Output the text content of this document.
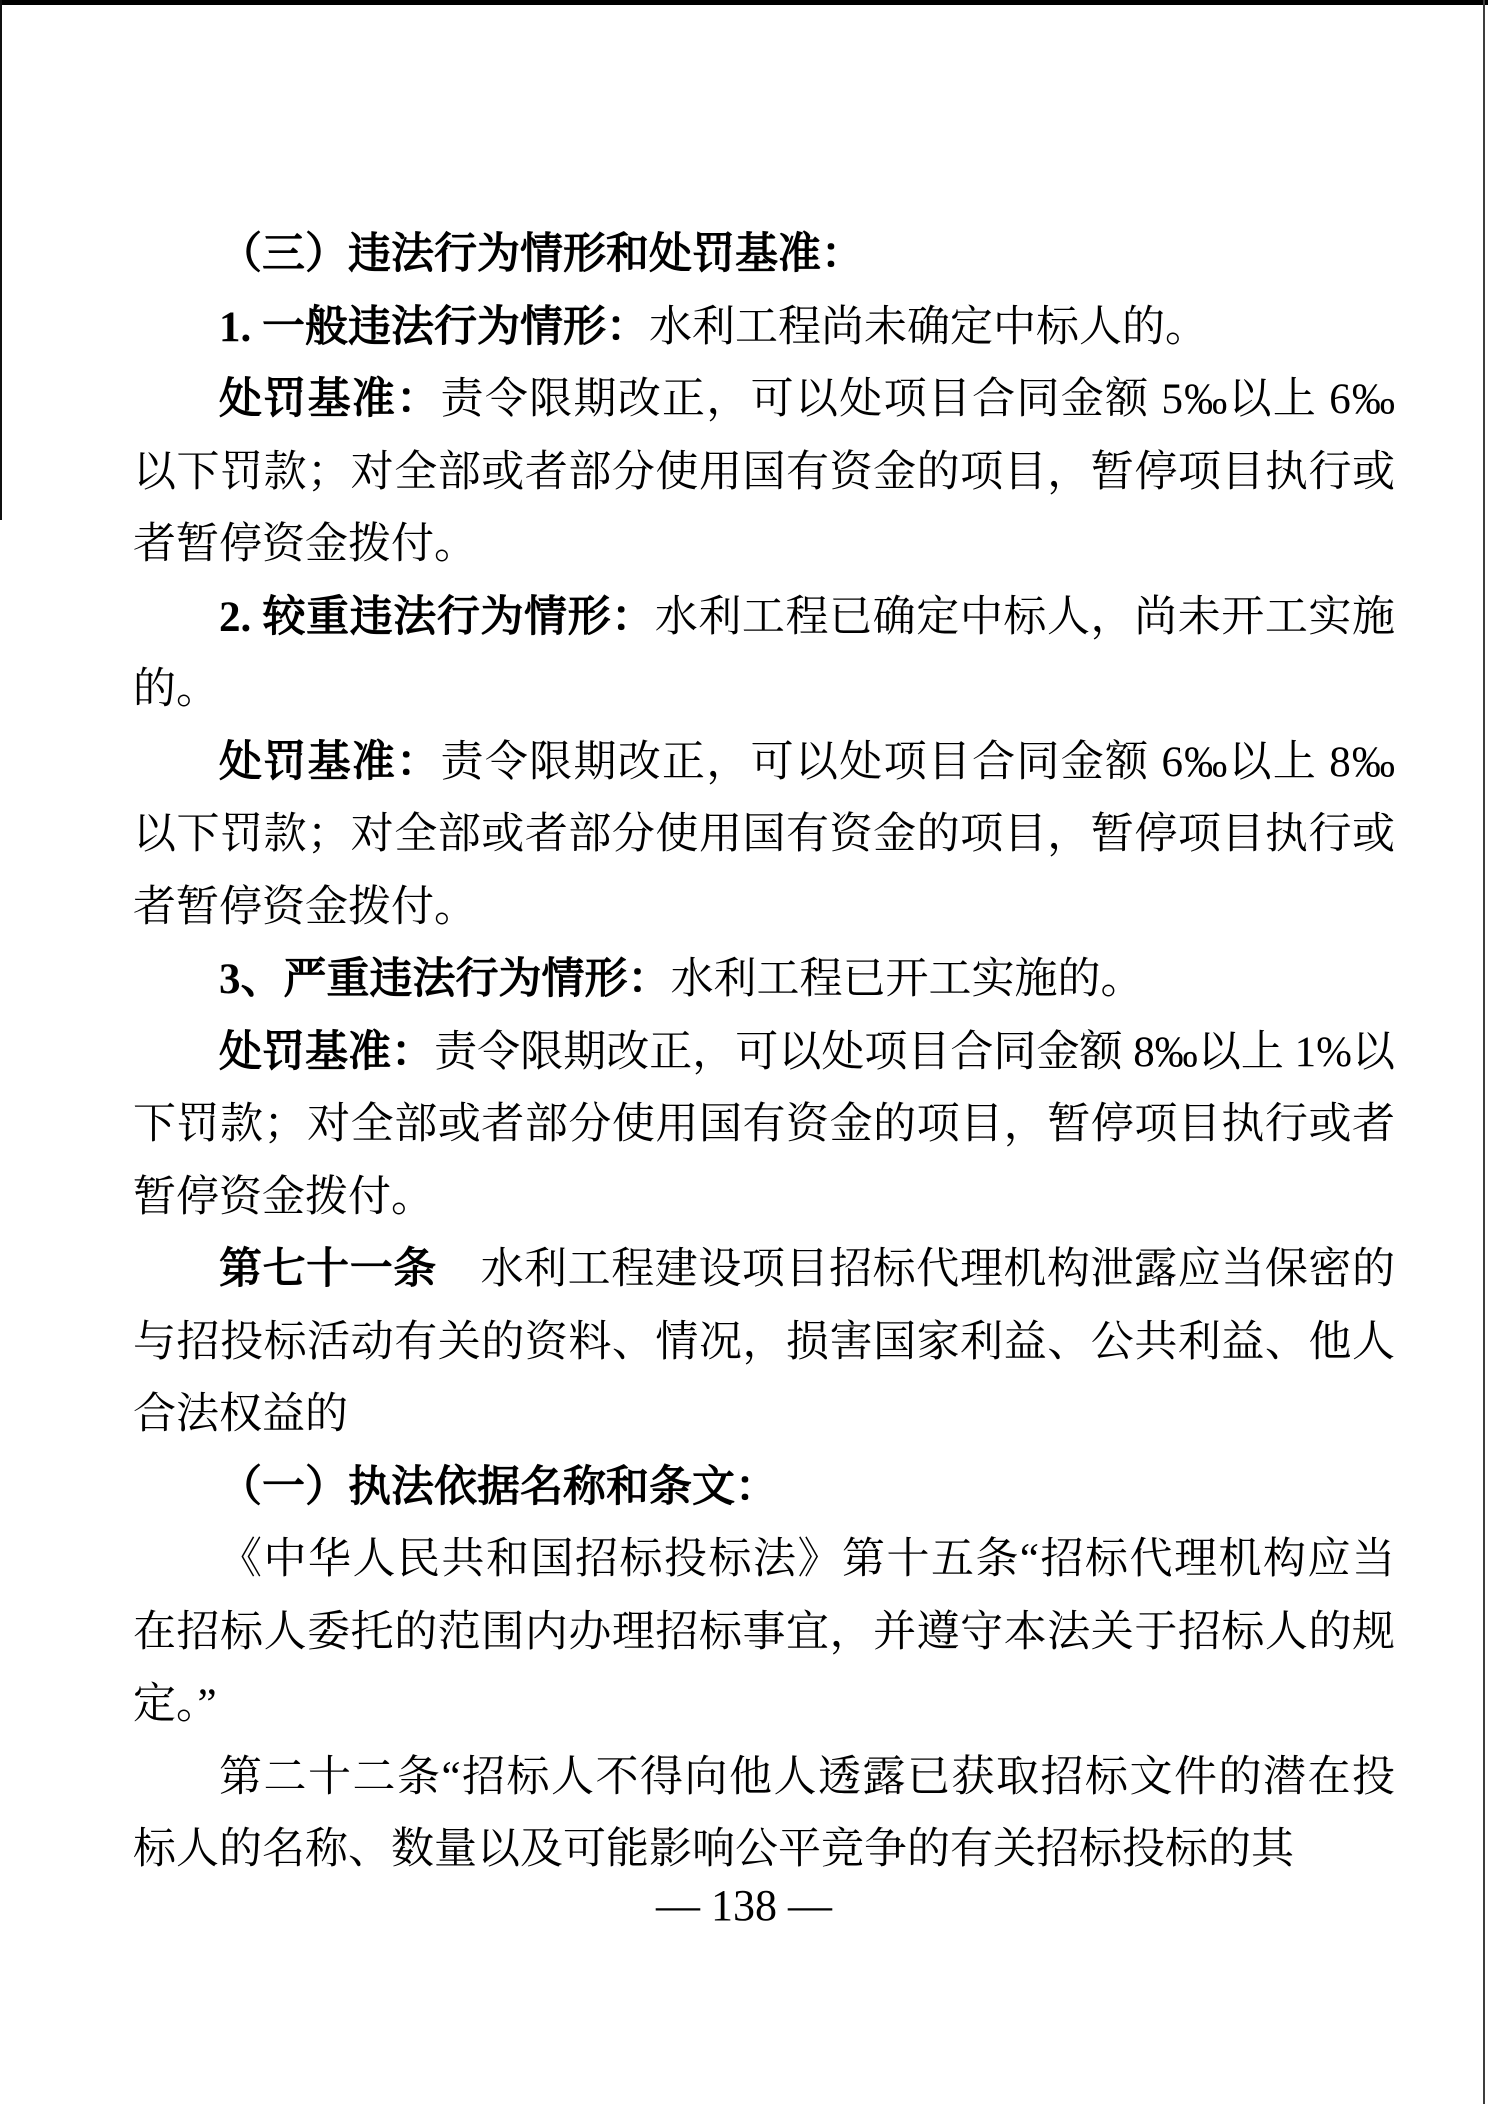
（三）违法行为情形和处罚基准：

1. 一般违法行为情形：水利工程尚未确定中标人的。

处罚基准：责令限期改正，可以处项目合同金额 5‰以上 6‰以下罚款；对全部或者部分使用国有资金的项目，暂停项目执行或者暂停资金拨付。

2. 较重违法行为情形：水利工程已确定中标人，尚未开工实施的。

处罚基准：责令限期改正，可以处项目合同金额 6‰以上 8‰以下罚款；对全部或者部分使用国有资金的项目，暂停项目执行或者暂停资金拨付。

3、严重违法行为情形：水利工程已开工实施的。

处罚基准：责令限期改正，可以处项目合同金额 8‰以上 1%以下罚款；对全部或者部分使用国有资金的项目，暂停项目执行或者暂停资金拨付。

第七十一条　水利工程建设项目招标代理机构泄露应当保密的与招投标活动有关的资料、情况，损害国家利益、公共利益、他人合法权益的

（一）执法依据名称和条文：

《中华人民共和国招标投标法》第十五条“招标代理机构应当在招标人委托的范围内办理招标事宜，并遵守本法关于招标人的规定。”

第二十二条“招标人不得向他人透露已获取招标文件的潜在投标人的名称、数量以及可能影响公平竞争的有关招标投标的其

— 138 —
